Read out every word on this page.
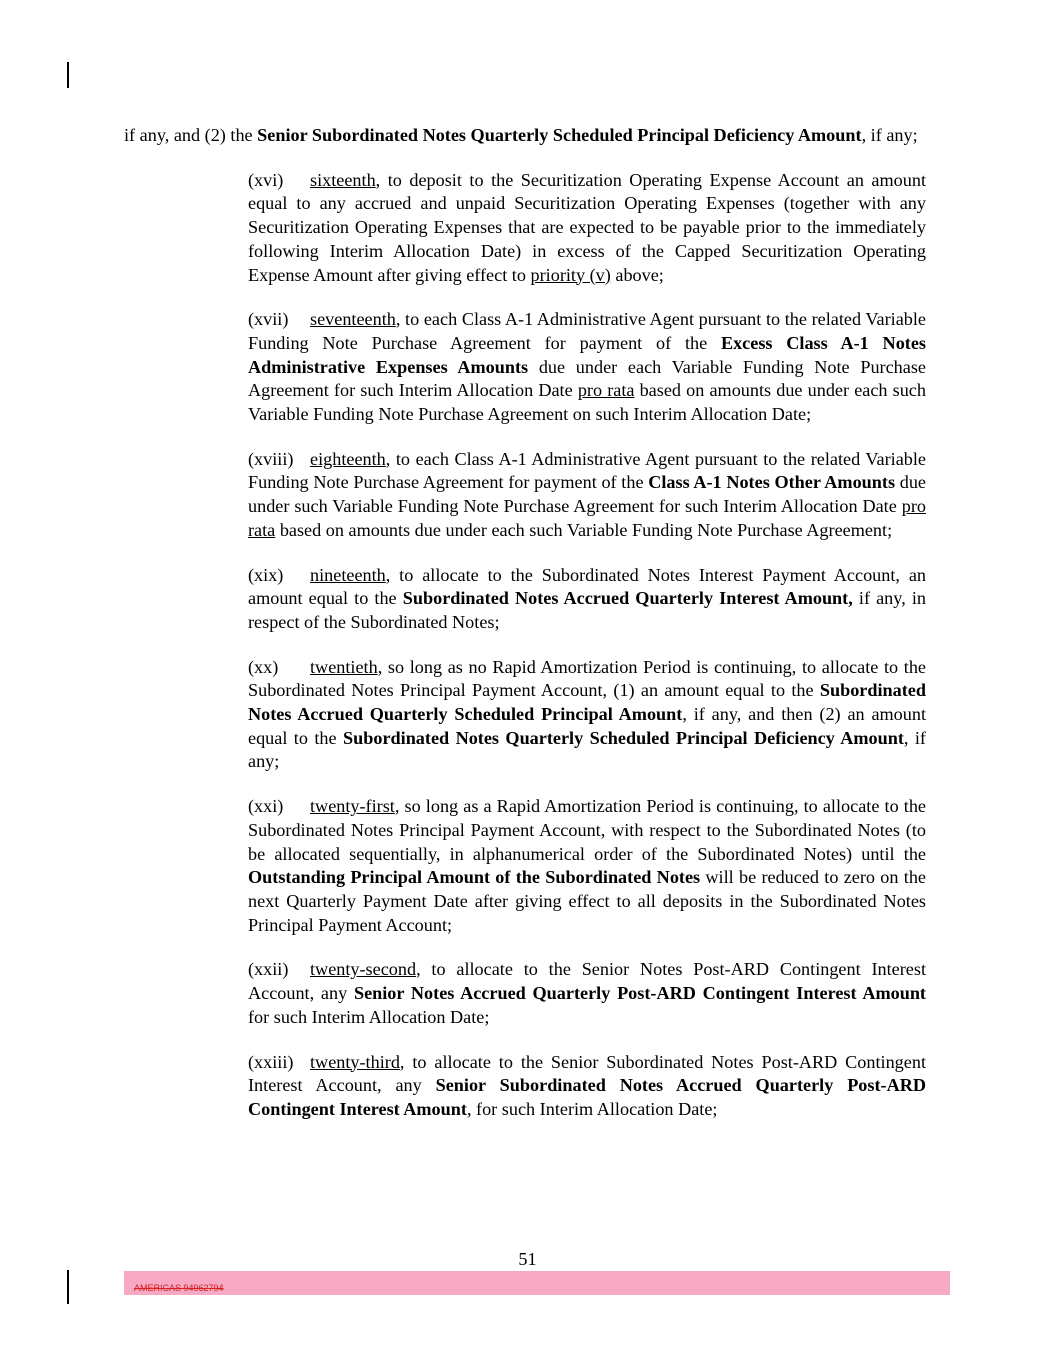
if any, and (2) the Senior Subordinated Notes Quarterly Scheduled Principal Deficiency Amount, if any;

(xvi) sixteenth, to deposit to the Securitization Operating Expense Account an amount equal to any accrued and unpaid Securitization Operating Expenses (together with any Securitization Operating Expenses that are expected to be payable prior to the immediately following Interim Allocation Date) in excess of the Capped Securitization Operating Expense Amount after giving effect to priority (v) above;

(xvii) seventeenth, to each Class A-1 Administrative Agent pursuant to the related Variable Funding Note Purchase Agreement for payment of the Excess Class A-1 Notes Administrative Expenses Amounts due under each Variable Funding Note Purchase Agreement for such Interim Allocation Date pro rata based on amounts due under each such Variable Funding Note Purchase Agreement on such Interim Allocation Date;

(xviii) eighteenth, to each Class A-1 Administrative Agent pursuant to the related Variable Funding Note Purchase Agreement for payment of the Class A-1 Notes Other Amounts due under such Variable Funding Note Purchase Agreement for such Interim Allocation Date pro rata based on amounts due under each such Variable Funding Note Purchase Agreement;

(xix) nineteenth, to allocate to the Subordinated Notes Interest Payment Account, an amount equal to the Subordinated Notes Accrued Quarterly Interest Amount, if any, in respect of the Subordinated Notes;

(xx) twentieth, so long as no Rapid Amortization Period is continuing, to allocate to the Subordinated Notes Principal Payment Account, (1) an amount equal to the Subordinated Notes Accrued Quarterly Scheduled Principal Amount, if any, and then (2) an amount equal to the Subordinated Notes Quarterly Scheduled Principal Deficiency Amount, if any;

(xxi) twenty-first, so long as a Rapid Amortization Period is continuing, to allocate to the Subordinated Notes Principal Payment Account, with respect to the Subordinated Notes (to be allocated sequentially, in alphanumerical order of the Subordinated Notes) until the Outstanding Principal Amount of the Subordinated Notes will be reduced to zero on the next Quarterly Payment Date after giving effect to all deposits in the Subordinated Notes Principal Payment Account;

(xxii) twenty-second, to allocate to the Senior Notes Post-ARD Contingent Interest Account, any Senior Notes Accrued Quarterly Post-ARD Contingent Interest Amount for such Interim Allocation Date;

(xxiii) twenty-third, to allocate to the Senior Subordinated Notes Post-ARD Contingent Interest Account, any Senior Subordinated Notes Accrued Quarterly Post-ARD Contingent Interest Amount, for such Interim Allocation Date;

51
AMERICAS 94962794
